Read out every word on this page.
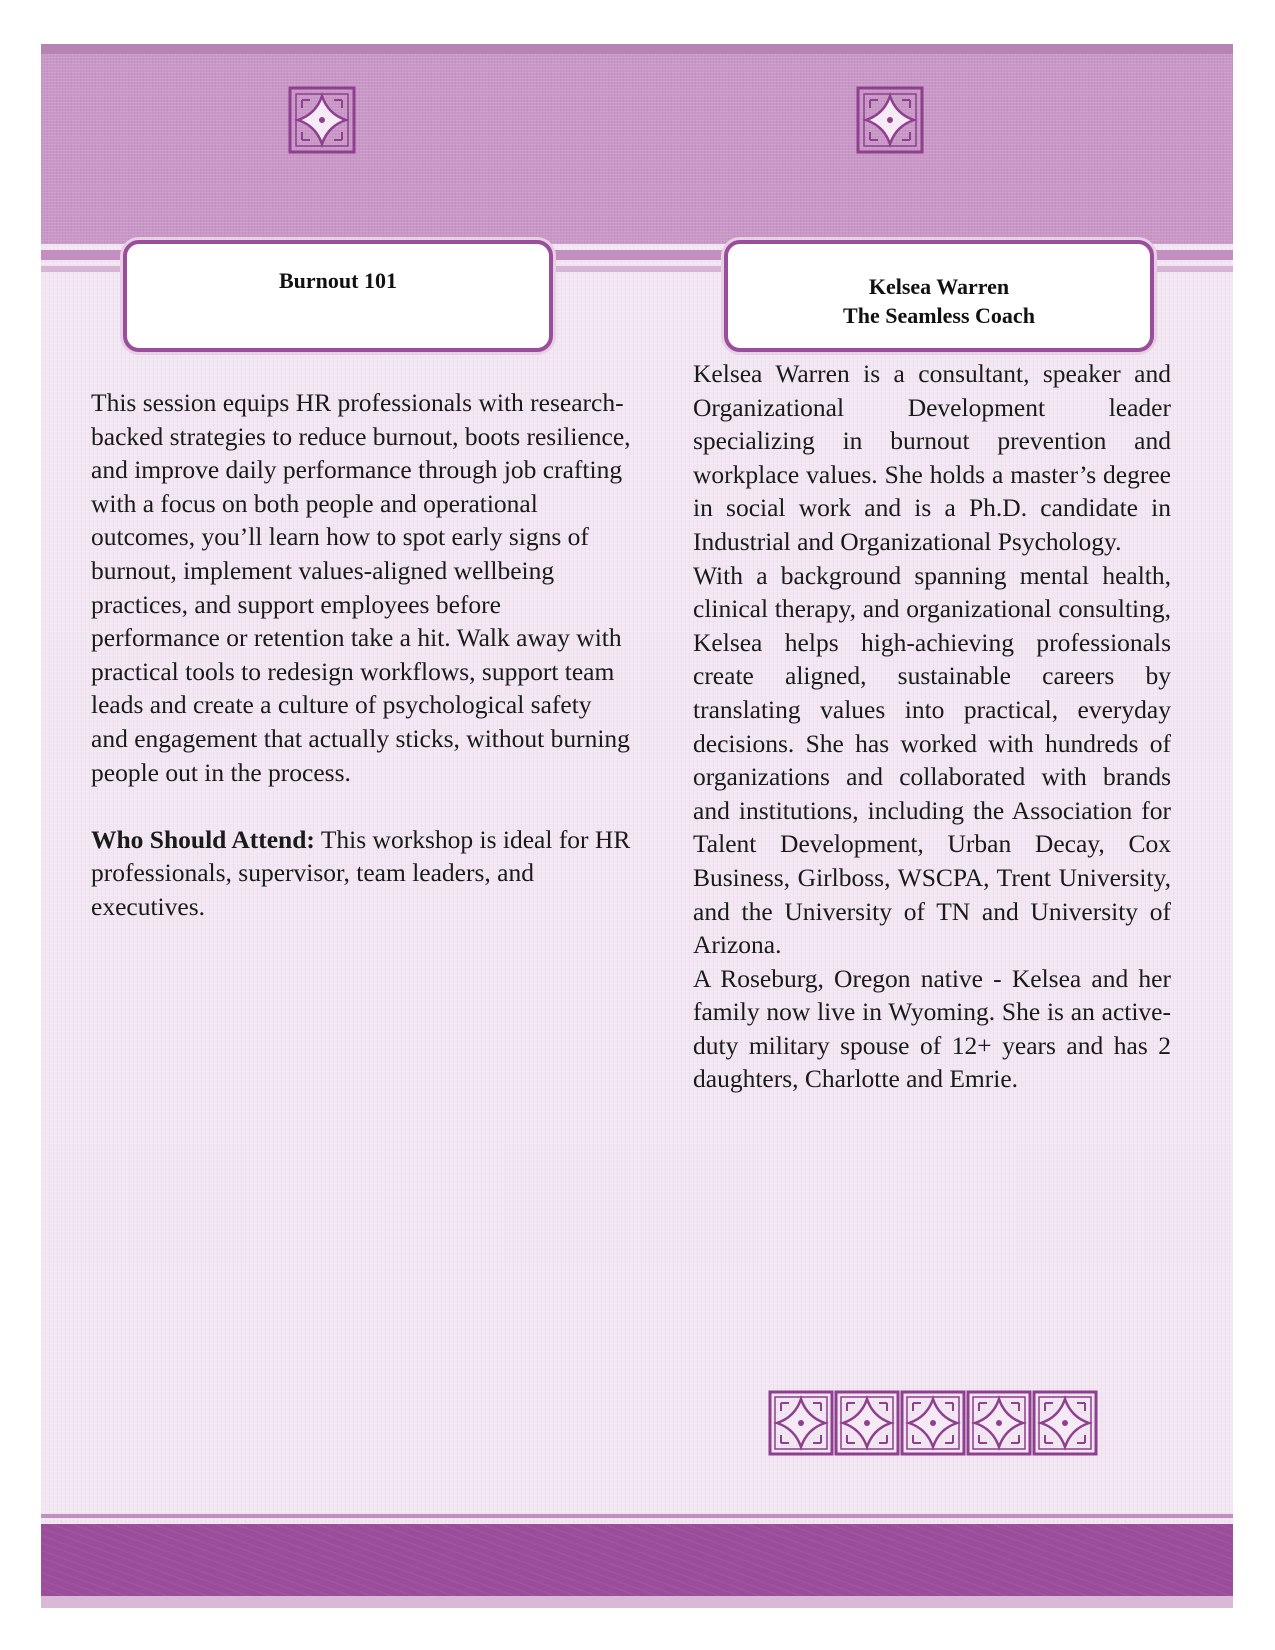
Burnout 101	Kelsea Warren
The Seamless Coach

This session equips HR professionals with research-backed strategies to reduce burnout, boots resilience, and improve daily performance through job crafting with a focus on both people and operational outcomes, you’ll learn how to spot early signs of burnout, implement values-aligned wellbeing practices, and support employees before performance or retention take a hit. Walk away with practical tools to redesign workflows, support team leads and create a culture of psychological safety and engagement that actually sticks, without burning people out in the process.

Who Should Attend: This workshop is ideal for HR professionals, supervisor, team leaders, and executives.

Kelsea Warren is a consultant, speaker and Organizational Development leader specializing in burnout prevention and workplace values. She holds a master’s degree in social work and is a Ph.D. candidate in Industrial and Organizational Psychology.

With a background spanning mental health, clinical therapy, and organizational consulting, Kelsea helps high-achieving professionals create aligned, sustainable careers by translating values into practical, everyday decisions. She has worked with hundreds of organizations and collaborated with brands and institutions, including the Association for Talent Development, Urban Decay, Cox Business, Girlboss, WSCPA, Trent University, and the University of TN and University of Arizona.

A Roseburg, Oregon native - Kelsea and her family now live in Wyoming. She is an active-duty military spouse of 12+ years and has 2 daughters, Charlotte and Emrie.
